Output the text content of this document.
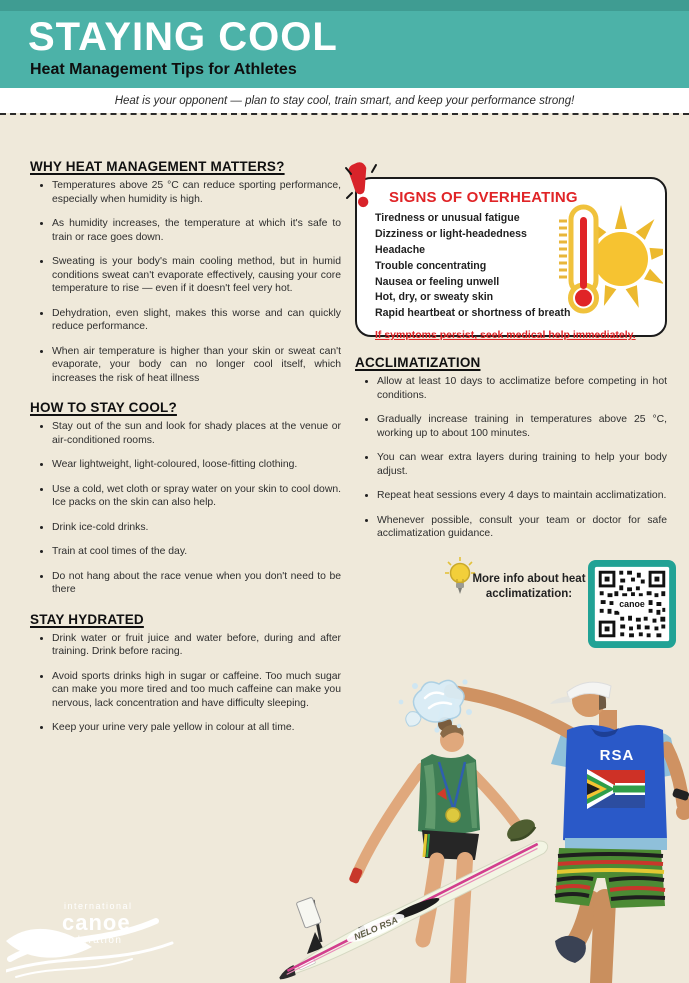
STAYING COOL
Heat Management Tips for Athletes
Heat is your opponent — plan to stay cool, train smart, and keep your performance strong!
WHY HEAT MANAGEMENT MATTERS?
• Temperatures above 25 °C can reduce sporting performance, especially when humidity is high.
• As humidity increases, the temperature at which it's safe to train or race goes down.
• Sweating is your body's main cooling method, but in humid conditions sweat can't evaporate effectively, causing your core temperature to rise — even if it doesn't feel very hot.
• Dehydration, even slight, makes this worse and can quickly reduce performance.
• When air temperature is higher than your skin or sweat can't evaporate, your body can no longer cool itself, which increases the risk of heat illness
HOW TO STAY COOL?
• Stay out of the sun and look for shady places at the venue or air-conditioned rooms.
• Wear lightweight, light-coloured, loose-fitting clothing.
• Use a cold, wet cloth or spray water on your skin to cool down. Ice packs on the skin can also help.
• Drink ice-cold drinks.
• Train at cool times of the day.
• Do not hang about the race venue when you don't need to be there
STAY HYDRATED
• Drink water or fruit juice and water before, during and after training. Drink before racing.
• Avoid sports drinks high in sugar or caffeine. Too much sugar can make you more tired and too much caffeine can make you nervous, lack concentration and have difficulty sleeping.
• Keep your urine very pale yellow in colour at all time.
SIGNS OF OVERHEATING
Tiredness or unusual fatigue
Dizziness or light-headedness
Headache
Trouble concentrating
Nausea or feeling unwell
Hot, dry, or sweaty skin
Rapid heartbeat or shortness of breath
If symptoms persist, seek medical help immediately.
ACCLIMATIZATION
• Allow at least 10 days to acclimatize before competing in hot conditions.
• Gradually increase training in temperatures above 25 °C, working up to about 100 minutes.
• You can wear extra layers during training to help your body adjust.
• Repeat heat sessions every 4 days to maintain acclimatization.
• Whenever possible, consult your team or doctor for safe acclimatization guidance.
More info about heat acclimatization:
canoe
RSA
NELO RSA
international
canoe
federation
